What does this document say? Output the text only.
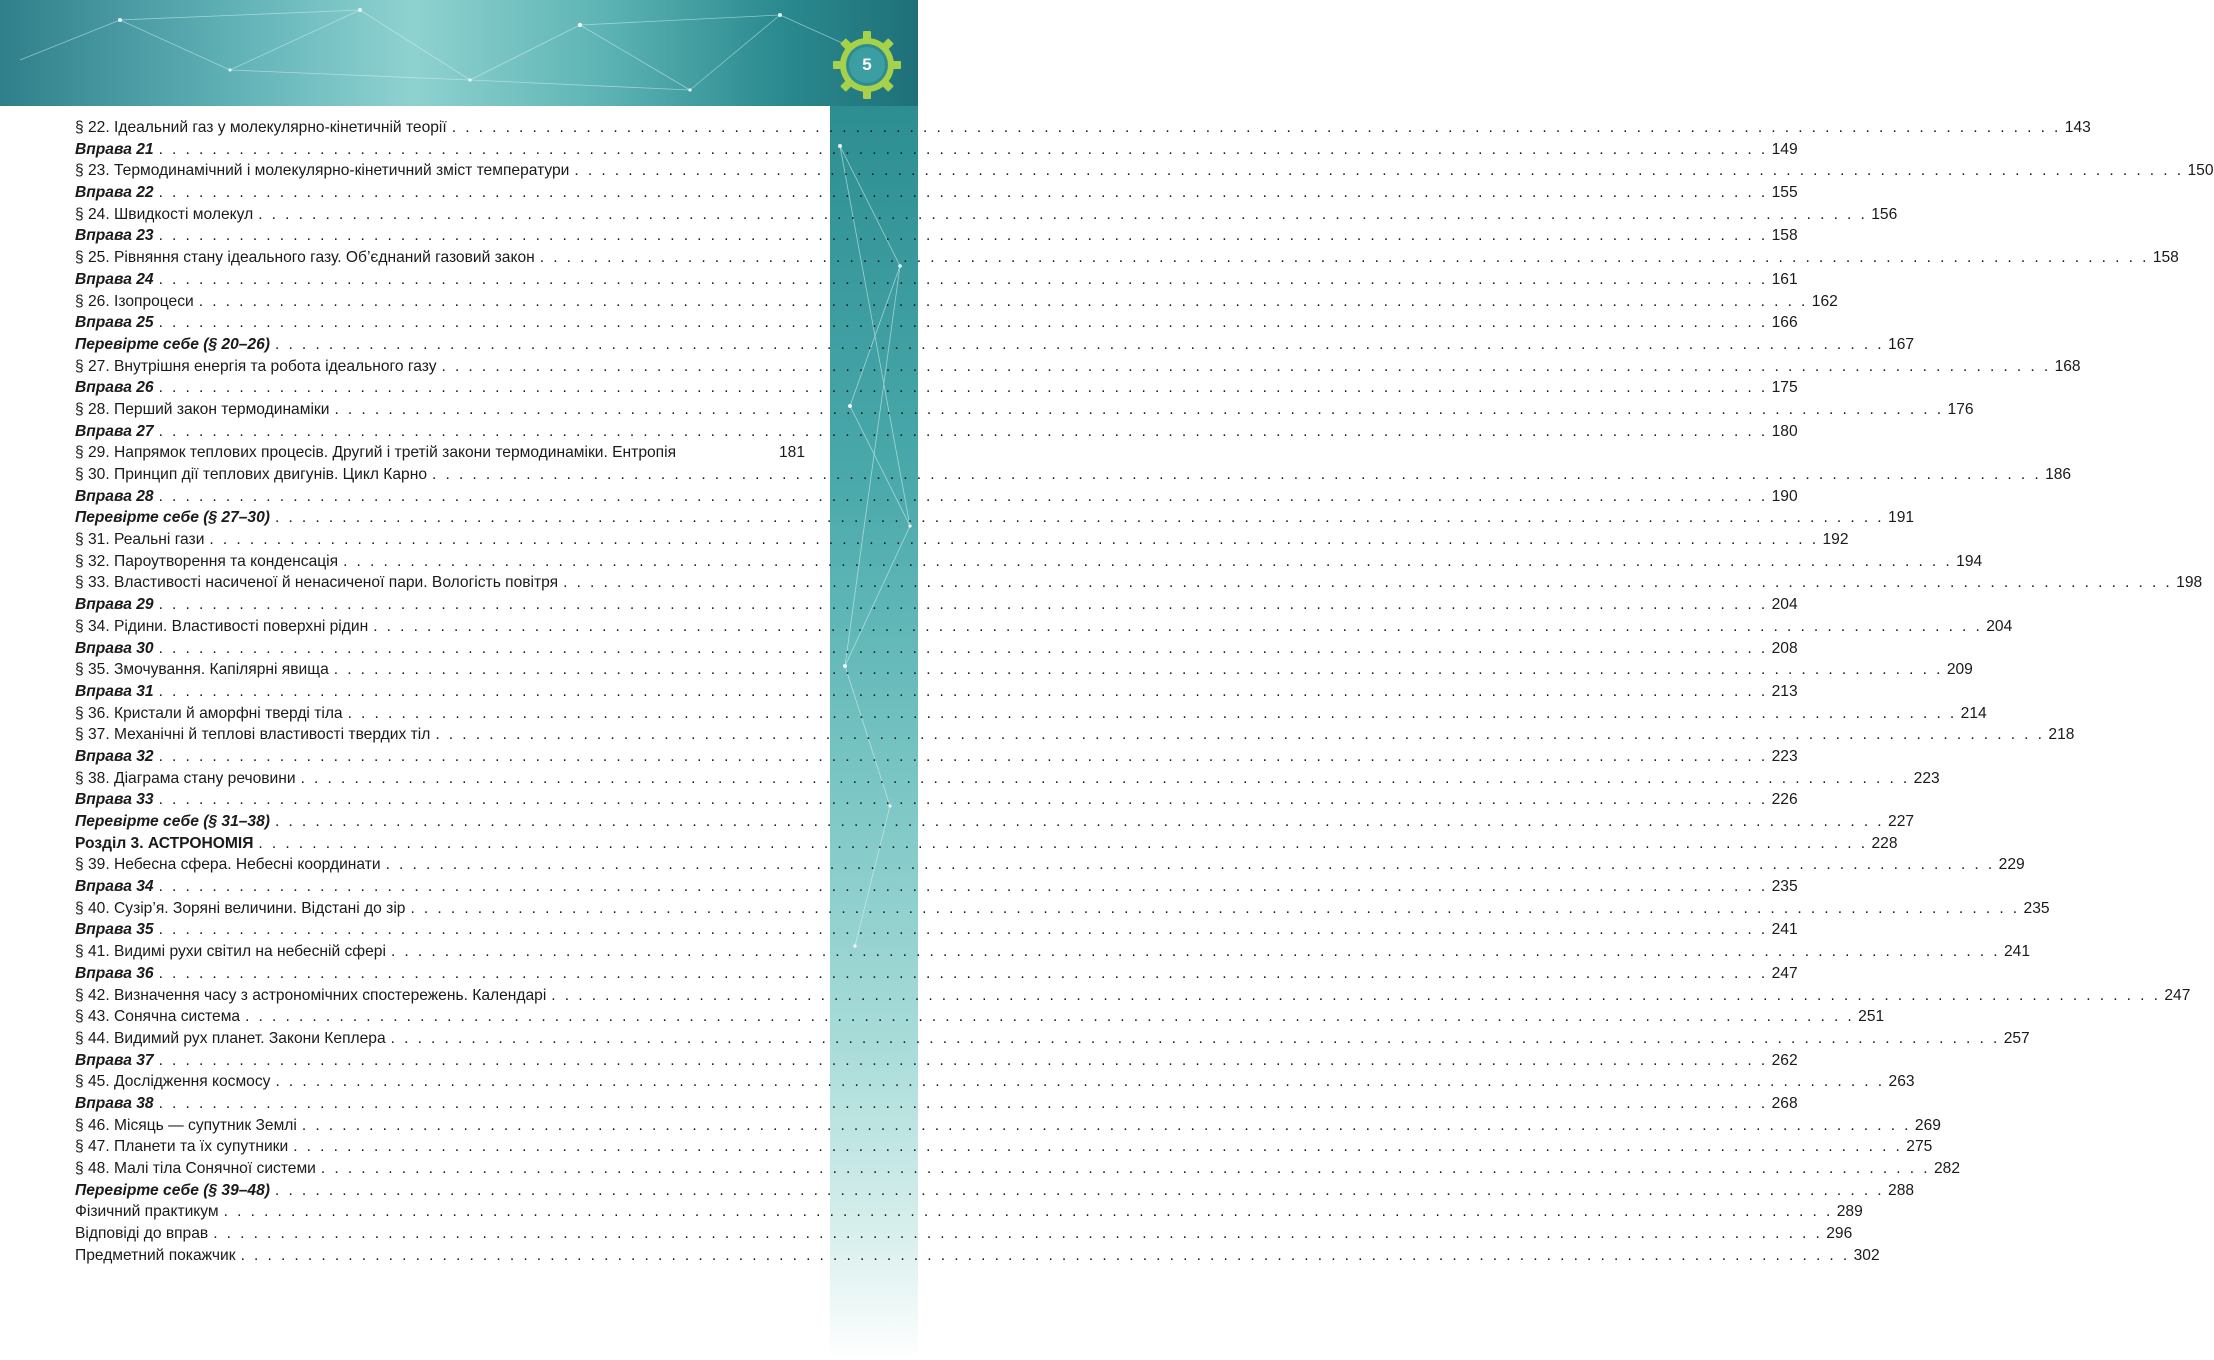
5
§ 22. Ідеальний газ у молекулярно-кінетичній теорії . . . . . . . . . . . . . . . . . . . . . . . . . . . . . . . . . . . . . . . . . . . . . . . . . . . . . . . . . . . . . . . . . . . . . . . . . . . . . . . . . . . . . . . . . . . . . . . . . . . . . . . . . . . . . . . . . . . . . . . . 143
Вправа 21 . . . . . . . . . . . . . . . . . . . . . . . . . . . . . . . . . . . . . . . . . . . . . . . . . . . . . . . . . . . . . . . . . . . . . . . . . . . . . . . . . . . . . . . . . . . . . . . . . . . . . . . . . . . . . . . . . . . . . . . . 149
§ 23. Термодинамічний і молекулярно-кінетичний зміст температури . . . . . . . . . . . . . . . . . . . . . . . . . . . . . . . . . . . . . . . . . . . . . . . . . . . . . . . . . . . . . . . . . . . . . . . . . . . . . . . . . . . . . . . . . . . . . . . . . . . . . . . . . . . . . . . . . . . . . . . . 150
Вправа 22 . . . . . . . . . . . . . . . . . . . . . . . . . . . . . . . . . . . . . . . . . . . . . . . . . . . . . . . . . . . . . . . . . . . . . . . . . . . . . . . . . . . . . . . . . . . . . . . . . . . . . . . . . . . . . . . . . . . . . . . . 155
§ 24. Швидкості молекул . . . . . . . . . . . . . . . . . . . . . . . . . . . . . . . . . . . . . . . . . . . . . . . . . . . . . . . . . . . . . . . . . . . . . . . . . . . . . . . . . . . . . . . . . . . . . . . . . . . . . . . . . . . . . . . . . . . . . . . . 156
Вправа 23 . . . . . . . . . . . . . . . . . . . . . . . . . . . . . . . . . . . . . . . . . . . . . . . . . . . . . . . . . . . . . . . . . . . . . . . . . . . . . . . . . . . . . . . . . . . . . . . . . . . . . . . . . . . . . . . . . . . . . . . . 158
§ 25. Рівняння стану ідеального газу. Об’єднаний газовий закон . . . . . . . . . . . . . . . . . . . . . . . . . . . . . . . . . . . . . . . . . . . . . . . . . . . . . . . . . . . . . . . . . . . . . . . . . . . . . . . . . . . . . . . . . . . . . . . . . . . . . . . . . . . . . . . . . . . . . . . . 158
Вправа 24 . . . . . . . . . . . . . . . . . . . . . . . . . . . . . . . . . . . . . . . . . . . . . . . . . . . . . . . . . . . . . . . . . . . . . . . . . . . . . . . . . . . . . . . . . . . . . . . . . . . . . . . . . . . . . . . . . . . . . . . . 161
§ 26. Ізопроцеси . . . . . . . . . . . . . . . . . . . . . . . . . . . . . . . . . . . . . . . . . . . . . . . . . . . . . . . . . . . . . . . . . . . . . . . . . . . . . . . . . . . . . . . . . . . . . . . . . . . . . . . . . . . . . . . . . . . . . . . . 162
Вправа 25 . . . . . . . . . . . . . . . . . . . . . . . . . . . . . . . . . . . . . . . . . . . . . . . . . . . . . . . . . . . . . . . . . . . . . . . . . . . . . . . . . . . . . . . . . . . . . . . . . . . . . . . . . . . . . . . . . . . . . . . . 166
Перевірте себе (§ 20–26) . . . . . . . . . . . . . . . . . . . . . . . . . . . . . . . . . . . . . . . . . . . . . . . . . . . . . . . . . . . . . . . . . . . . . . . . . . . . . . . . . . . . . . . . . . . . . . . . . . . . . . . . . . . . . . . . . . . . . . . . 167
§ 27. Внутрішня енергія та робота ідеального газу . . . . . . . . . . . . . . . . . . . . . . . . . . . . . . . . . . . . . . . . . . . . . . . . . . . . . . . . . . . . . . . . . . . . . . . . . . . . . . . . . . . . . . . . . . . . . . . . . . . . . . . . . . . . . . . . . . . . . . . . 168
Вправа 26 . . . . . . . . . . . . . . . . . . . . . . . . . . . . . . . . . . . . . . . . . . . . . . . . . . . . . . . . . . . . . . . . . . . . . . . . . . . . . . . . . . . . . . . . . . . . . . . . . . . . . . . . . . . . . . . . . . . . . . . . 175
§ 28. Перший закон термодинаміки . . . . . . . . . . . . . . . . . . . . . . . . . . . . . . . . . . . . . . . . . . . . . . . . . . . . . . . . . . . . . . . . . . . . . . . . . . . . . . . . . . . . . . . . . . . . . . . . . . . . . . . . . . . . . . . . . . . . . . . . 176
Вправа 27 . . . . . . . . . . . . . . . . . . . . . . . . . . . . . . . . . . . . . . . . . . . . . . . . . . . . . . . . . . . . . . . . . . . . . . . . . . . . . . . . . . . . . . . . . . . . . . . . . . . . . . . . . . . . . . . . . . . . . . . . 180
§ 29. Напрямок теплових процесів. Другий і третій закони термодинаміки. Ентропія	181
§ 30. Принцип дії теплових двигунів. Цикл Карно . . . . . . . . . . . . . . . . . . . . . . . . . . . . . . . . . . . . . . . . . . . . . . . . . . . . . . . . . . . . . . . . . . . . . . . . . . . . . . . . . . . . . . . . . . . . . . . . . . . . . . . . . . . . . . . . . . . . . . . . 186
Вправа 28 . . . . . . . . . . . . . . . . . . . . . . . . . . . . . . . . . . . . . . . . . . . . . . . . . . . . . . . . . . . . . . . . . . . . . . . . . . . . . . . . . . . . . . . . . . . . . . . . . . . . . . . . . . . . . . . . . . . . . . . . 190
Перевірте себе (§ 27–30) . . . . . . . . . . . . . . . . . . . . . . . . . . . . . . . . . . . . . . . . . . . . . . . . . . . . . . . . . . . . . . . . . . . . . . . . . . . . . . . . . . . . . . . . . . . . . . . . . . . . . . . . . . . . . . . . . . . . . . . . 191
§ 31. Реальні гази . . . . . . . . . . . . . . . . . . . . . . . . . . . . . . . . . . . . . . . . . . . . . . . . . . . . . . . . . . . . . . . . . . . . . . . . . . . . . . . . . . . . . . . . . . . . . . . . . . . . . . . . . . . . . . . . . . . . . . . . 192
§ 32. Пароутворення та конденсація . . . . . . . . . . . . . . . . . . . . . . . . . . . . . . . . . . . . . . . . . . . . . . . . . . . . . . . . . . . . . . . . . . . . . . . . . . . . . . . . . . . . . . . . . . . . . . . . . . . . . . . . . . . . . . . . . . . . . . . . 194
§ 33. Властивості насиченої й ненасиченої пари. Вологість повітря . . . . . . . . . . . . . . . . . . . . . . . . . . . . . . . . . . . . . . . . . . . . . . . . . . . . . . . . . . . . . . . . . . . . . . . . . . . . . . . . . . . . . . . . . . . . . . . . . . . . . . . . . . . . . . . . . . . . . . . . 198
Вправа 29 . . . . . . . . . . . . . . . . . . . . . . . . . . . . . . . . . . . . . . . . . . . . . . . . . . . . . . . . . . . . . . . . . . . . . . . . . . . . . . . . . . . . . . . . . . . . . . . . . . . . . . . . . . . . . . . . . . . . . . . . 204
§ 34. Рідини. Властивості поверхні рідин . . . . . . . . . . . . . . . . . . . . . . . . . . . . . . . . . . . . . . . . . . . . . . . . . . . . . . . . . . . . . . . . . . . . . . . . . . . . . . . . . . . . . . . . . . . . . . . . . . . . . . . . . . . . . . . . . . . . . . . . 204
Вправа 30 . . . . . . . . . . . . . . . . . . . . . . . . . . . . . . . . . . . . . . . . . . . . . . . . . . . . . . . . . . . . . . . . . . . . . . . . . . . . . . . . . . . . . . . . . . . . . . . . . . . . . . . . . . . . . . . . . . . . . . . . 208
§ 35. Змочування. Капілярні явища . . . . . . . . . . . . . . . . . . . . . . . . . . . . . . . . . . . . . . . . . . . . . . . . . . . . . . . . . . . . . . . . . . . . . . . . . . . . . . . . . . . . . . . . . . . . . . . . . . . . . . . . . . . . . . . . . . . . . . . . 209
Вправа 31 . . . . . . . . . . . . . . . . . . . . . . . . . . . . . . . . . . . . . . . . . . . . . . . . . . . . . . . . . . . . . . . . . . . . . . . . . . . . . . . . . . . . . . . . . . . . . . . . . . . . . . . . . . . . . . . . . . . . . . . . 213
§ 36. Кристали й аморфні тверді тіла . . . . . . . . . . . . . . . . . . . . . . . . . . . . . . . . . . . . . . . . . . . . . . . . . . . . . . . . . . . . . . . . . . . . . . . . . . . . . . . . . . . . . . . . . . . . . . . . . . . . . . . . . . . . . . . . . . . . . . . . 214
§ 37. Механічні й теплові властивості твердих тіл . . . . . . . . . . . . . . . . . . . . . . . . . . . . . . . . . . . . . . . . . . . . . . . . . . . . . . . . . . . . . . . . . . . . . . . . . . . . . . . . . . . . . . . . . . . . . . . . . . . . . . . . . . . . . . . . . . . . . . . . 218
Вправа 32 . . . . . . . . . . . . . . . . . . . . . . . . . . . . . . . . . . . . . . . . . . . . . . . . . . . . . . . . . . . . . . . . . . . . . . . . . . . . . . . . . . . . . . . . . . . . . . . . . . . . . . . . . . . . . . . . . . . . . . . . 223
§ 38. Діаграма стану речовини . . . . . . . . . . . . . . . . . . . . . . . . . . . . . . . . . . . . . . . . . . . . . . . . . . . . . . . . . . . . . . . . . . . . . . . . . . . . . . . . . . . . . . . . . . . . . . . . . . . . . . . . . . . . . . . . . . . . . . . . 223
Вправа 33 . . . . . . . . . . . . . . . . . . . . . . . . . . . . . . . . . . . . . . . . . . . . . . . . . . . . . . . . . . . . . . . . . . . . . . . . . . . . . . . . . . . . . . . . . . . . . . . . . . . . . . . . . . . . . . . . . . . . . . . . 226
Перевірте себе (§ 31–38) . . . . . . . . . . . . . . . . . . . . . . . . . . . . . . . . . . . . . . . . . . . . . . . . . . . . . . . . . . . . . . . . . . . . . . . . . . . . . . . . . . . . . . . . . . . . . . . . . . . . . . . . . . . . . . . . . . . . . . . . 227
Розділ 3. АСТРОНОМІЯ . . . . . . . . . . . . . . . . . . . . . . . . . . . . . . . . . . . . . . . . . . . . . . . . . . . . . . . . . . . . . . . . . . . . . . . . . . . . . . . . . . . . . . . . . . . . . . . . . . . . . . . . . . . . . . . . . . . . . . . . 228
§ 39. Небесна сфера. Небесні координати . . . . . . . . . . . . . . . . . . . . . . . . . . . . . . . . . . . . . . . . . . . . . . . . . . . . . . . . . . . . . . . . . . . . . . . . . . . . . . . . . . . . . . . . . . . . . . . . . . . . . . . . . . . . . . . . . . . . . . . . 229
Вправа 34 . . . . . . . . . . . . . . . . . . . . . . . . . . . . . . . . . . . . . . . . . . . . . . . . . . . . . . . . . . . . . . . . . . . . . . . . . . . . . . . . . . . . . . . . . . . . . . . . . . . . . . . . . . . . . . . . . . . . . . . . 235
§ 40. Сузір’я. Зоряні величини. Відстані до зір . . . . . . . . . . . . . . . . . . . . . . . . . . . . . . . . . . . . . . . . . . . . . . . . . . . . . . . . . . . . . . . . . . . . . . . . . . . . . . . . . . . . . . . . . . . . . . . . . . . . . . . . . . . . . . . . . . . . . . . . 235
Вправа 35 . . . . . . . . . . . . . . . . . . . . . . . . . . . . . . . . . . . . . . . . . . . . . . . . . . . . . . . . . . . . . . . . . . . . . . . . . . . . . . . . . . . . . . . . . . . . . . . . . . . . . . . . . . . . . . . . . . . . . . . . 241
§ 41. Видимі рухи світил на небесній сфері . . . . . . . . . . . . . . . . . . . . . . . . . . . . . . . . . . . . . . . . . . . . . . . . . . . . . . . . . . . . . . . . . . . . . . . . . . . . . . . . . . . . . . . . . . . . . . . . . . . . . . . . . . . . . . . . . . . . . . . . 241
Вправа 36 . . . . . . . . . . . . . . . . . . . . . . . . . . . . . . . . . . . . . . . . . . . . . . . . . . . . . . . . . . . . . . . . . . . . . . . . . . . . . . . . . . . . . . . . . . . . . . . . . . . . . . . . . . . . . . . . . . . . . . . . 247
§ 42. Визначення часу з астрономічних спостережень. Календарі . . . . . . . . . . . . . . . . . . . . . . . . . . . . . . . . . . . . . . . . . . . . . . . . . . . . . . . . . . . . . . . . . . . . . . . . . . . . . . . . . . . . . . . . . . . . . . . . . . . . . . . . . . . . . . . . . . . . . . . . 247
§ 43. Сонячна система . . . . . . . . . . . . . . . . . . . . . . . . . . . . . . . . . . . . . . . . . . . . . . . . . . . . . . . . . . . . . . . . . . . . . . . . . . . . . . . . . . . . . . . . . . . . . . . . . . . . . . . . . . . . . . . . . . . . . . . . 251
§ 44. Видимий рух планет. Закони Кеплера . . . . . . . . . . . . . . . . . . . . . . . . . . . . . . . . . . . . . . . . . . . . . . . . . . . . . . . . . . . . . . . . . . . . . . . . . . . . . . . . . . . . . . . . . . . . . . . . . . . . . . . . . . . . . . . . . . . . . . . . 257
Вправа 37 . . . . . . . . . . . . . . . . . . . . . . . . . . . . . . . . . . . . . . . . . . . . . . . . . . . . . . . . . . . . . . . . . . . . . . . . . . . . . . . . . . . . . . . . . . . . . . . . . . . . . . . . . . . . . . . . . . . . . . . . 262
§ 45. Дослідження космосу . . . . . . . . . . . . . . . . . . . . . . . . . . . . . . . . . . . . . . . . . . . . . . . . . . . . . . . . . . . . . . . . . . . . . . . . . . . . . . . . . . . . . . . . . . . . . . . . . . . . . . . . . . . . . . . . . . . . . . . . 263
Вправа 38 . . . . . . . . . . . . . . . . . . . . . . . . . . . . . . . . . . . . . . . . . . . . . . . . . . . . . . . . . . . . . . . . . . . . . . . . . . . . . . . . . . . . . . . . . . . . . . . . . . . . . . . . . . . . . . . . . . . . . . . . 268
§ 46. Місяць — супутник Землі . . . . . . . . . . . . . . . . . . . . . . . . . . . . . . . . . . . . . . . . . . . . . . . . . . . . . . . . . . . . . . . . . . . . . . . . . . . . . . . . . . . . . . . . . . . . . . . . . . . . . . . . . . . . . . . . . . . . . . . . 269
§ 47. Планети та їх супутники . . . . . . . . . . . . . . . . . . . . . . . . . . . . . . . . . . . . . . . . . . . . . . . . . . . . . . . . . . . . . . . . . . . . . . . . . . . . . . . . . . . . . . . . . . . . . . . . . . . . . . . . . . . . . . . . . . . . . . . . 275
§ 48. Малі тіла Сонячної системи . . . . . . . . . . . . . . . . . . . . . . . . . . . . . . . . . . . . . . . . . . . . . . . . . . . . . . . . . . . . . . . . . . . . . . . . . . . . . . . . . . . . . . . . . . . . . . . . . . . . . . . . . . . . . . . . . . . . . . . . 282
Перевірте себе (§ 39–48) . . . . . . . . . . . . . . . . . . . . . . . . . . . . . . . . . . . . . . . . . . . . . . . . . . . . . . . . . . . . . . . . . . . . . . . . . . . . . . . . . . . . . . . . . . . . . . . . . . . . . . . . . . . . . . . . . . . . . . . . 288
Фізичний практикум . . . . . . . . . . . . . . . . . . . . . . . . . . . . . . . . . . . . . . . . . . . . . . . . . . . . . . . . . . . . . . . . . . . . . . . . . . . . . . . . . . . . . . . . . . . . . . . . . . . . . . . . . . . . . . . . . . . . . . . . 289
Відповіді до вправ . . . . . . . . . . . . . . . . . . . . . . . . . . . . . . . . . . . . . . . . . . . . . . . . . . . . . . . . . . . . . . . . . . . . . . . . . . . . . . . . . . . . . . . . . . . . . . . . . . . . . . . . . . . . . . . . . . . . . . . . 296
Предметний покажчик . . . . . . . . . . . . . . . . . . . . . . . . . . . . . . . . . . . . . . . . . . . . . . . . . . . . . . . . . . . . . . . . . . . . . . . . . . . . . . . . . . . . . . . . . . . . . . . . . . . . . . . . . . . . . . . . . . . . . . . . 302
